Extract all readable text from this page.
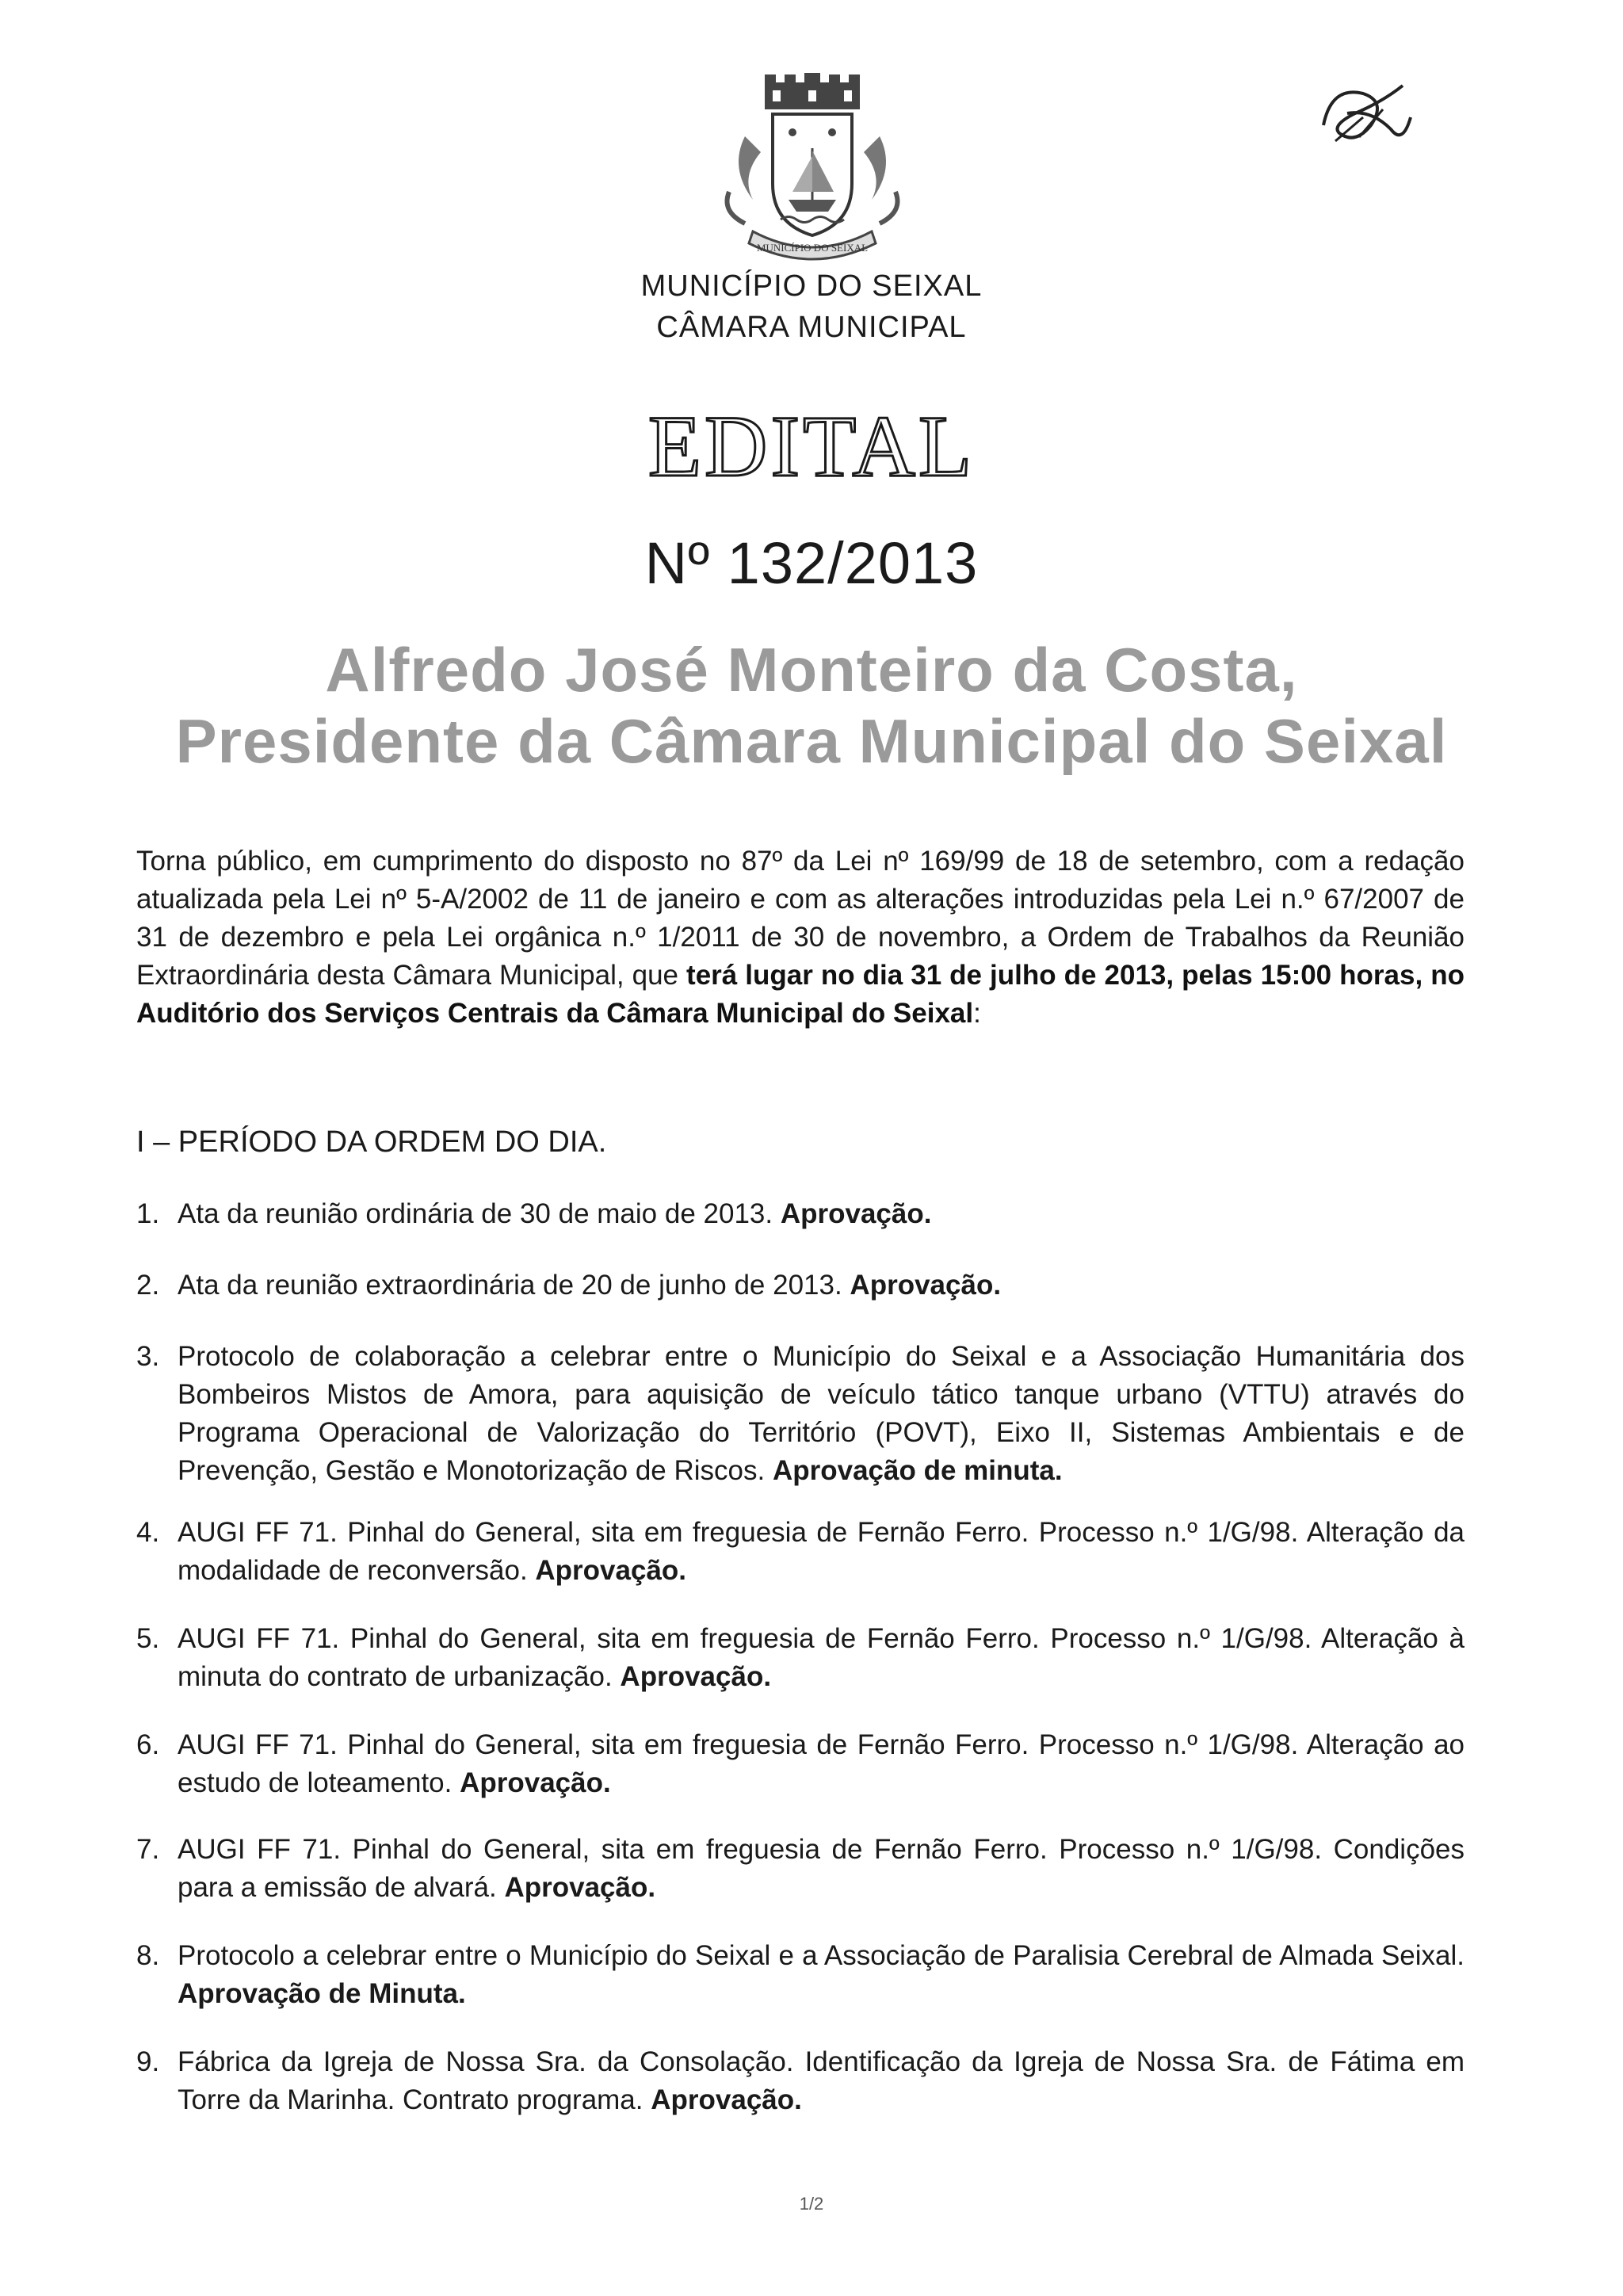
MUNICÍPIO DO SEIXAL
MUNICÍPIO DO SEIXAL
CÂMARA MUNICIPAL
EDITAL
Nº 132/2013
Alfredo José Monteiro da Costa,
Presidente da Câmara Municipal do Seixal
Torna público, em cumprimento do disposto no 87º da Lei nº 169/99 de 18 de setembro, com a redação atualizada pela Lei nº 5-A/2002 de 11 de janeiro e com as alterações introduzidas pela Lei n.º 67/2007 de 31 de dezembro e pela Lei orgânica n.º 1/2011 de 30 de novembro, a Ordem de Trabalhos da Reunião Extraordinária desta Câmara Municipal, que terá lugar no dia 31 de julho de 2013, pelas 15:00 horas, no Auditório dos Serviços Centrais da Câmara Municipal do Seixal:
I – PERÍODO DA ORDEM DO DIA.
1. Ata da reunião ordinária de 30 de maio de 2013. Aprovação.
2. Ata da reunião extraordinária de 20 de junho de 2013. Aprovação.
3. Protocolo de colaboração a celebrar entre o Município do Seixal e a Associação Humanitária dos Bombeiros Mistos de Amora, para aquisição de veículo tático tanque urbano (VTTU) através do Programa Operacional de Valorização do Território (POVT), Eixo II, Sistemas Ambientais e de Prevenção, Gestão e Monotorização de Riscos. Aprovação de minuta.
4. AUGI FF 71. Pinhal do General, sita em freguesia de Fernão Ferro. Processo n.º 1/G/98. Alteração da modalidade de reconversão. Aprovação.
5. AUGI FF 71. Pinhal do General, sita em freguesia de Fernão Ferro. Processo n.º 1/G/98. Alteração à minuta do contrato de urbanização. Aprovação.
6. AUGI FF 71. Pinhal do General, sita em freguesia de Fernão Ferro. Processo n.º 1/G/98. Alteração ao estudo de loteamento. Aprovação.
7. AUGI FF 71. Pinhal do General, sita em freguesia de Fernão Ferro. Processo n.º 1/G/98. Condições para a emissão de alvará. Aprovação.
8. Protocolo a celebrar entre o Município do Seixal e a Associação de Paralisia Cerebral de Almada Seixal. Aprovação de Minuta.
9. Fábrica da Igreja de Nossa Sra. da Consolação. Identificação da Igreja de Nossa Sra. de Fátima em Torre da Marinha. Contrato programa. Aprovação.
1/2
